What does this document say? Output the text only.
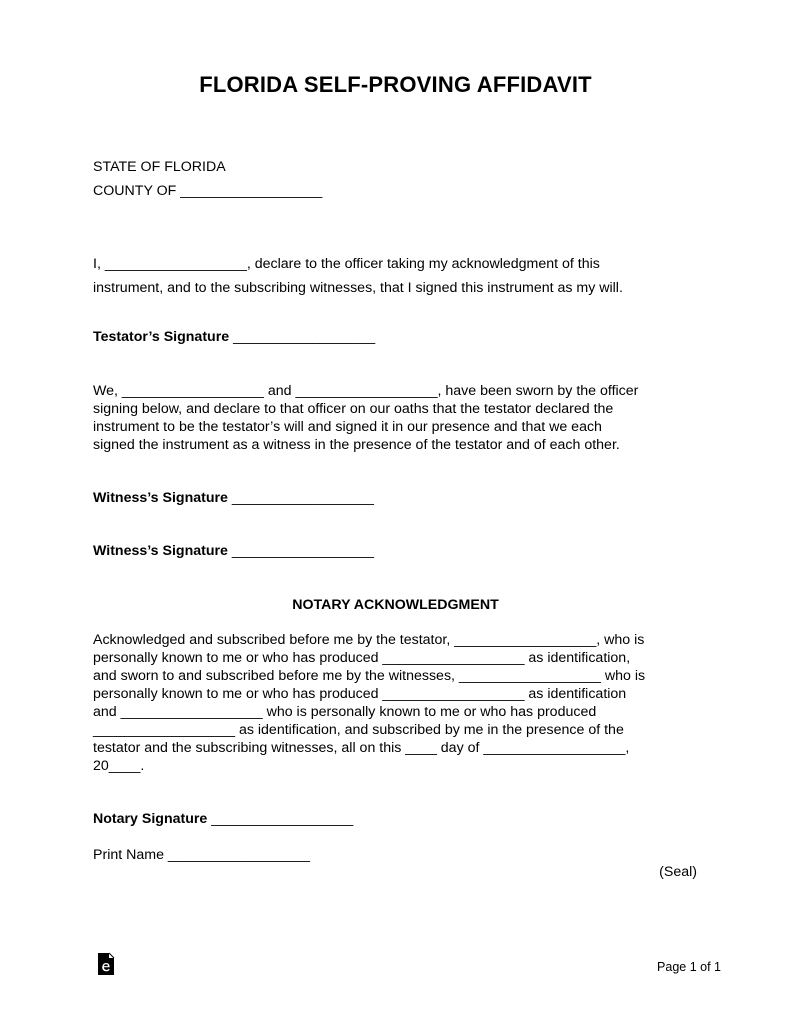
FLORIDA SELF-PROVING AFFIDAVIT
STATE OF FLORIDA
COUNTY OF __________________

I, __________________, declare to the officer taking my acknowledgment of this

instrument, and to the subscribing witnesses, that I signed this instrument as my will.

Testator’s Signature __________________

We, __________________ and __________________, have been sworn by the officer

signing below, and declare to that officer on our oaths that the testator declared the

instrument to be the testator’s will and signed it in our presence and that we each

signed the instrument as a witness in the presence of the testator and of each other.

Witness’s Signature __________________
Witness’s Signature __________________
NOTARY ACKNOWLEDGMENT

Acknowledged and subscribed before me by the testator, __________________, who is

personally known to me or who has produced __________________ as identification,

and sworn to and subscribed before me by the witnesses, __________________ who is

personally known to me or who has produced __________________ as identification

and __________________ who is personally known to me or who has produced

__________________ as identification, and subscribed by me in the presence of the

testator and the subscribing witnesses, all on this ____ day of __________________,

20____.

Notary Signature __________________
Print Name __________________
(Seal)
Page 1 of 1
